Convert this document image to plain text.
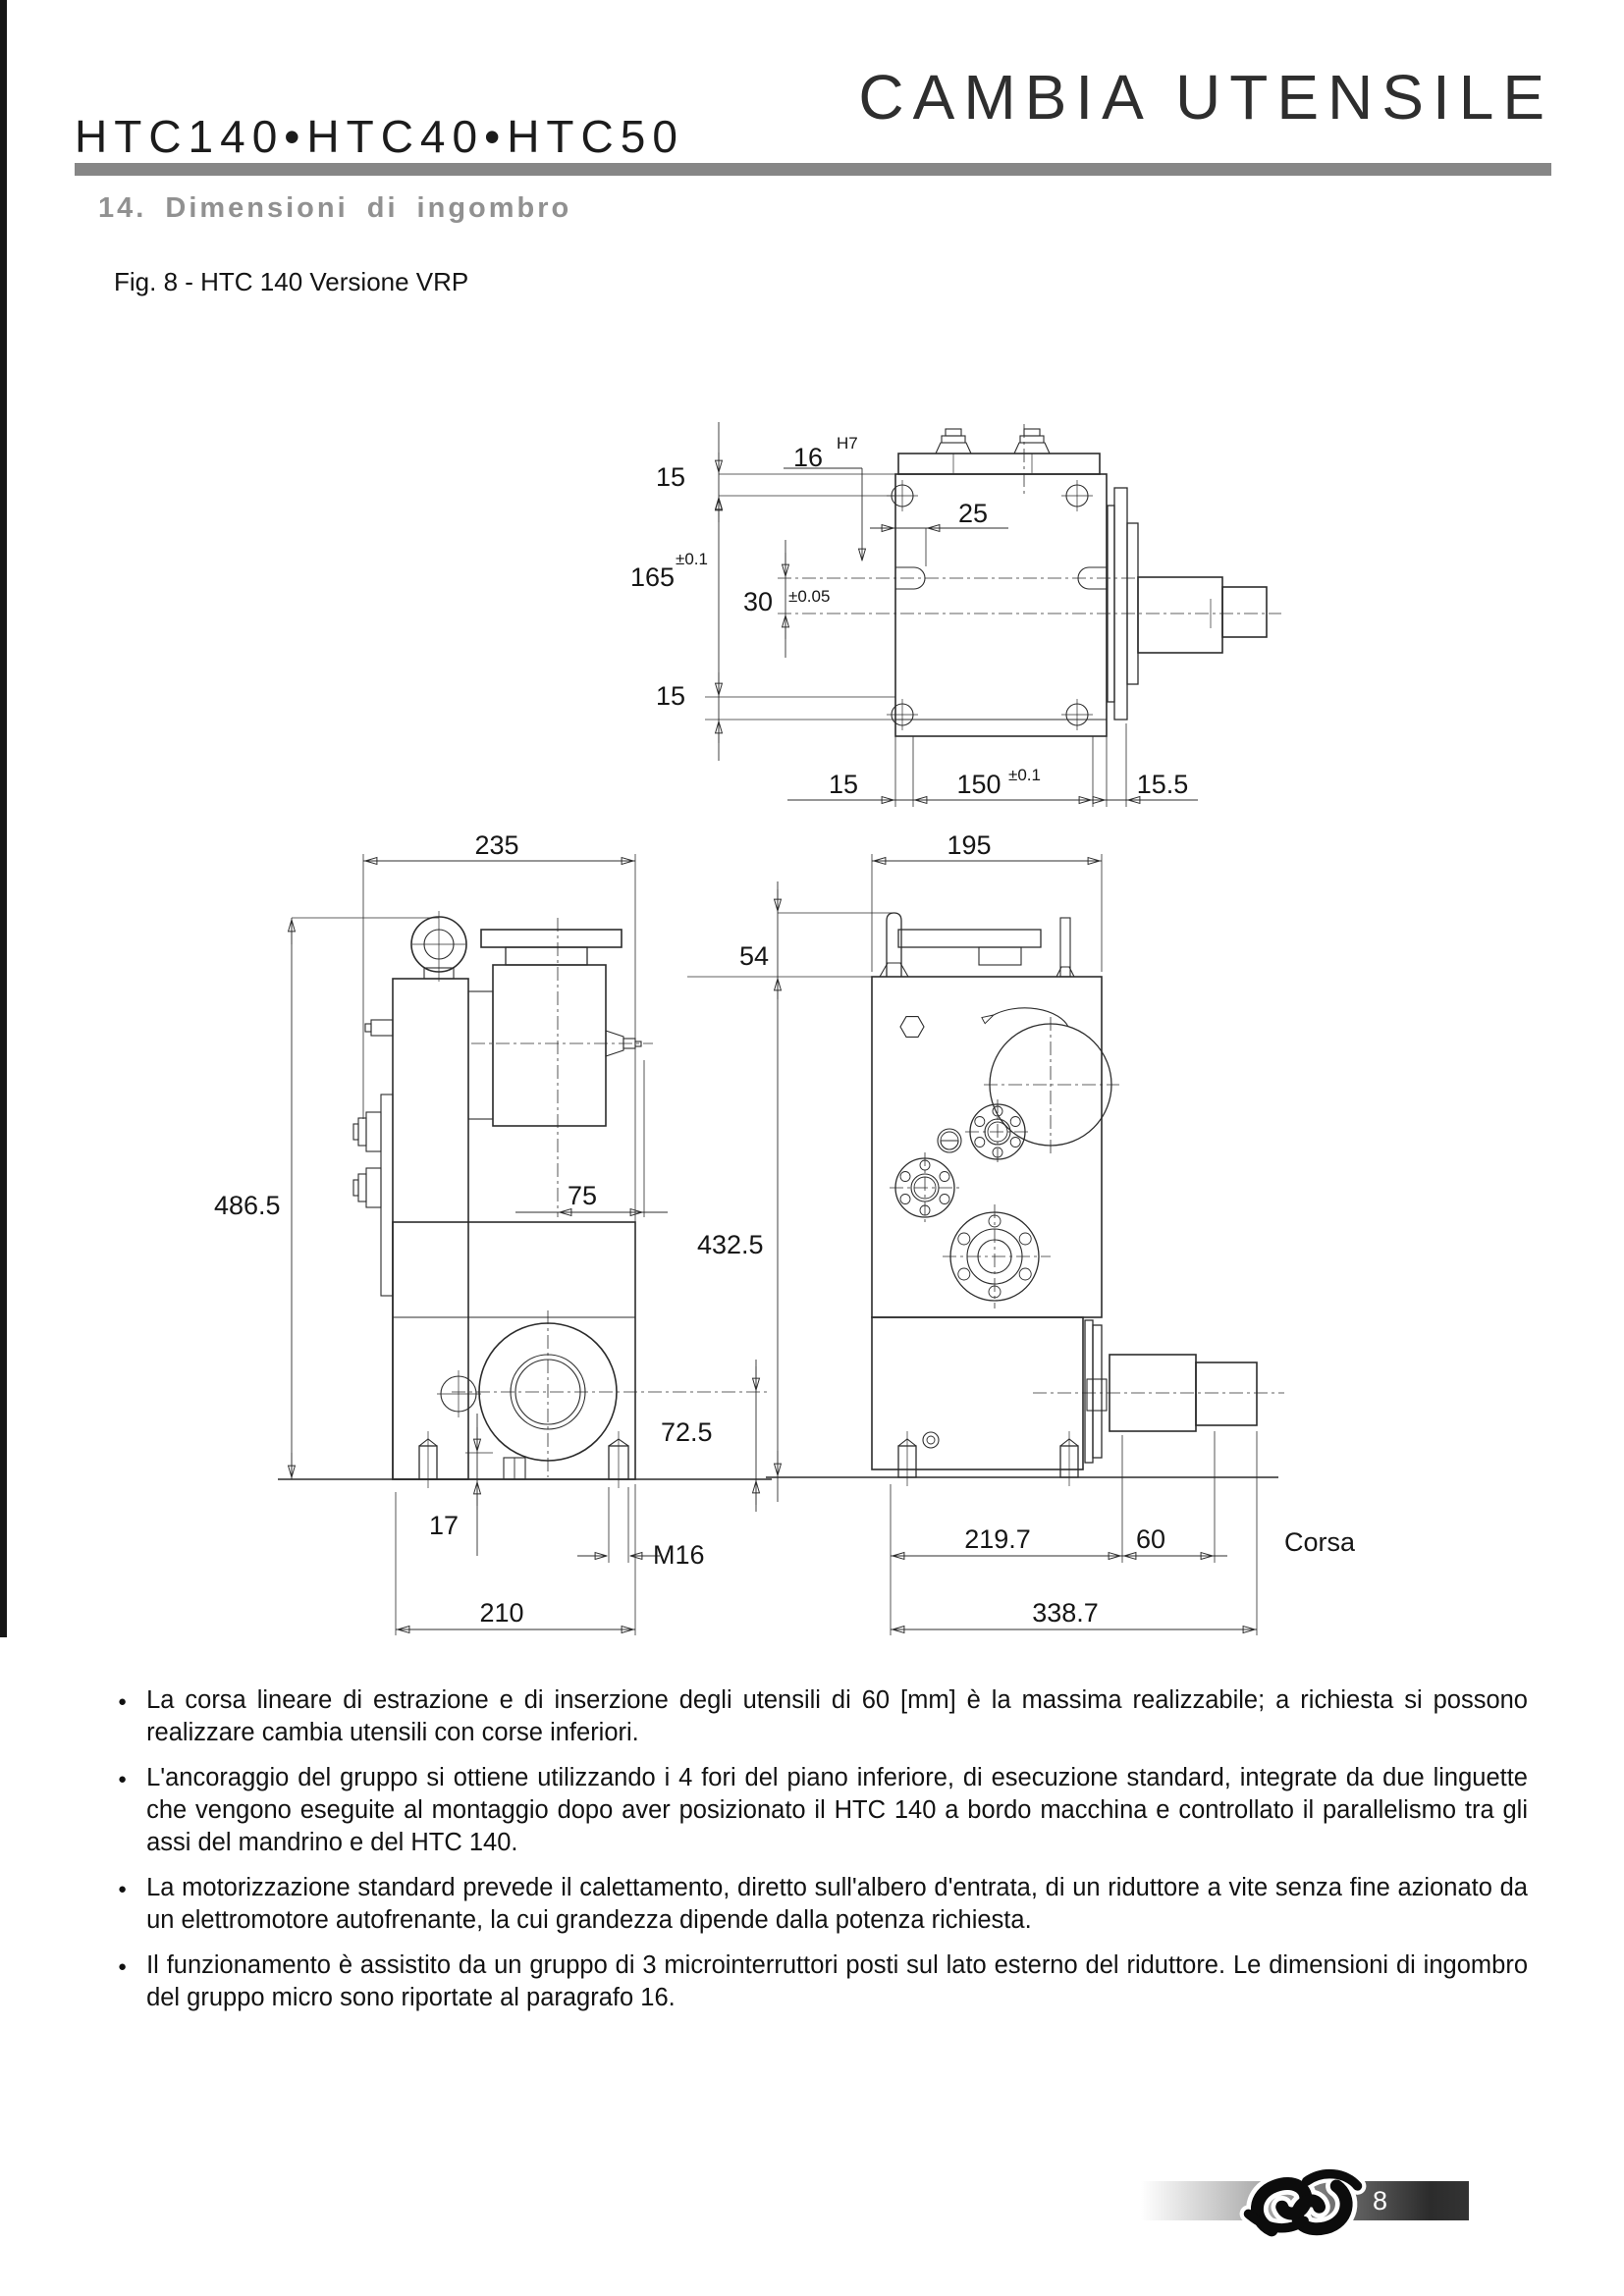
HTC140•HTC40•HTC50
CAMBIA UTENSILE
14. Dimensioni di ingombro
Fig. 8 - HTC 140 Versione VRP
15
165
±0.1
15
16 H7
30 ±0.05
25
15	150 ±0.1	15.5
235
486.5	75
17
M16
210
72.5
195
54
432.5
219.7	60	Corsa
338.7
● La corsa lineare di estrazione e di inserzione degli utensili di 60 [mm] è la massima realizzabile; a richiesta si possono realizzare cambia utensili con corse inferiori.

● L'ancoraggio del gruppo si ottiene utilizzando i 4 fori del piano inferiore, di esecuzione standard, integrate da due linguette che vengono eseguite al montaggio dopo aver posizionato il HTC 140 a bordo macchina e controllato il parallelismo tra gli assi del mandrino e del HTC 140.

● La motorizzazione standard prevede il calettamento, diretto sull'albero d'entrata, di un riduttore a vite senza fine azionato da un elettromotore autofrenante, la cui grandezza dipende dalla potenza richiesta.

● Il funzionamento è assistito da un gruppo di 3 microinterruttori posti sul lato esterno del riduttore. Le dimensioni di ingombro del gruppo micro sono riportate al paragrafo 16.

8
